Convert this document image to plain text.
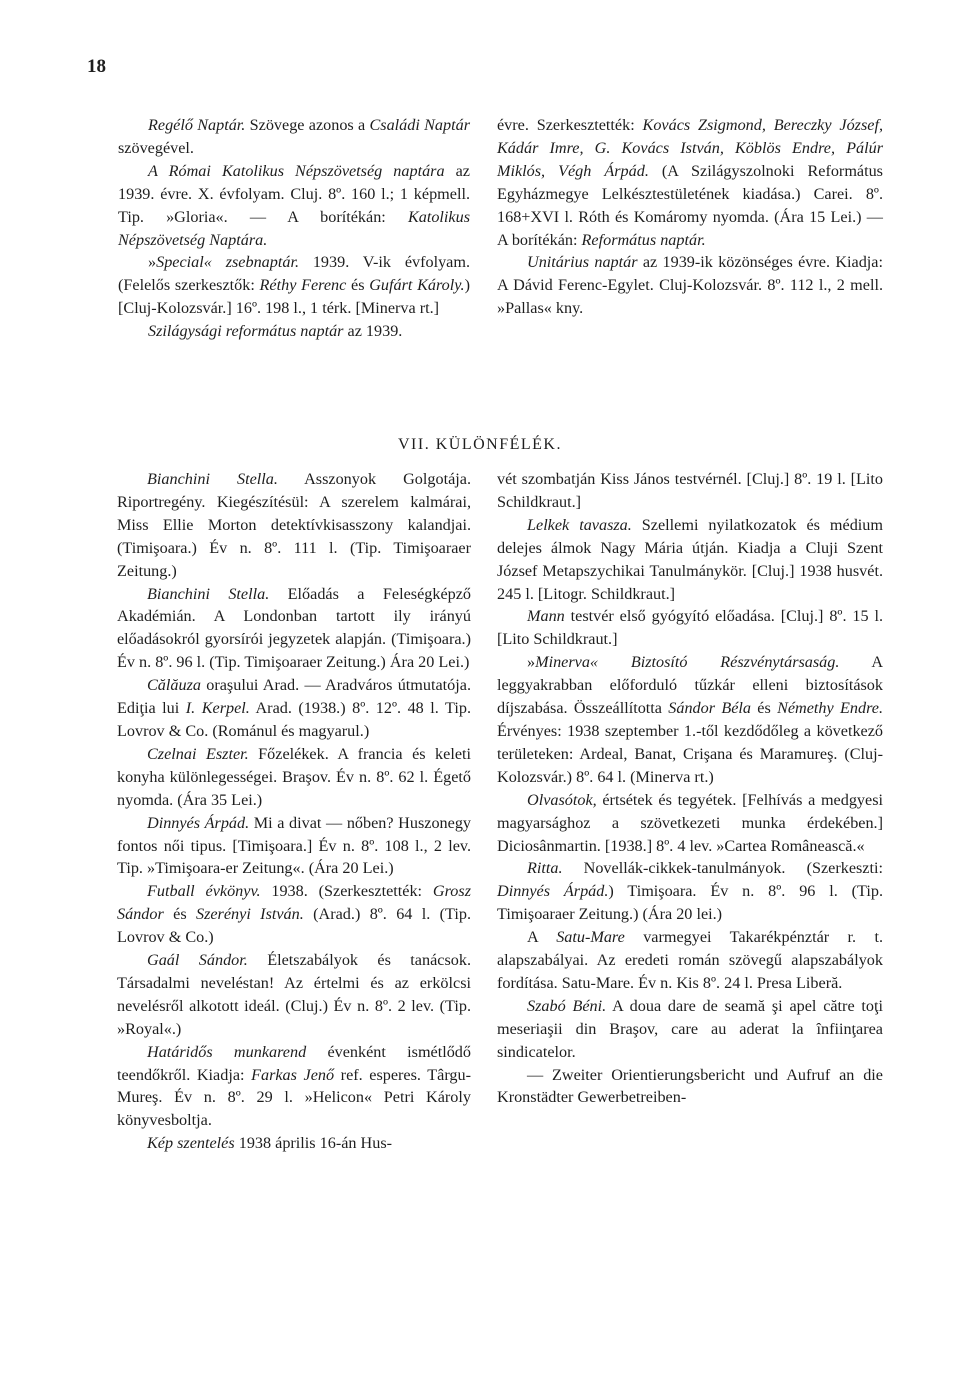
18

Regélő Naptár. Szövege azonos a Családi Naptár szövegével.

A Római Katolikus Népszövetség naptára az 1939. évre. X. évfolyam. Cluj. 8º. 160 l.; 1 képmell. Tip. »Gloria«. — A borítékán: Katolikus Népszövetség Naptára.

»Special« zsebnaptár. 1939. V-ik évfolyam. (Felelős szerkesztők: Réthy Ferenc és Gufárt Károly.) [Cluj-Kolozsvár.] 16º. 198 l., 1 térk. [Minerva rt.]

Szilágysági református naptár az 1939.

évre. Szerkesztették: Kovács Zsigmond, Bereczky József, Kádár Imre, G. Kovács István, Köblös Endre, Pálúr Miklós, Végh Árpád. (A Szilágyszolnoki Református Egyházmegye Lelkésztestületének kiadása.) Carei. 8º. 168+XVI l. Róth és Komáromy nyomda. (Ára 15 Lei.) — A borítékán: Református naptár.

Unitárius naptár az 1939-ik közönséges évre. Kiadja: A Dávid Ferenc-Egylet. Cluj-Kolozsvár. 8º. 112 l., 2 mell. »Pallas« kny.

VII. KÜLÖNFÉLÉK.

Bianchini Stella. Asszonyok Golgotája. Riportregény. Kiegészítésül: A szerelem kalmárai, Miss Ellie Morton detektívkisasszony kalandjai. (Timişoara.) Év n. 8º. 111 l. (Tip. Timişoaraer Zeitung.)

Bianchini Stella. Előadás a Feleségképző Akadémián. A Londonban tartott ily irányú előadásokról gyorsírói jegyzetek alapján. (Timişoara.) Év n. 8º. 96 l. (Tip. Timişoaraer Zeitung.) Ára 20 Lei.)

Călăuza oraşului Arad. — Aradváros útmutatója. Ediţia lui I. Kerpel. Arad. (1938.) 8º. 12º. 48 l. Tip. Lovrov & Co. (Románul és magyarul.)

Czelnai Eszter. Főzelékek. A francia és keleti konyha különlegességei. Braşov. Év n. 8º. 62 l. Égető nyomda. (Ára 35 Lei.)

Dinnyés Árpád. Mi a divat — nőben? Huszonegy fontos női tipus. [Timişoara.] Év n. 8º. 108 l., 2 lev. Tip. »Timişoara-er Zeitung«. (Ára 20 Lei.)

Futball évkönyv. 1938. (Szerkesztették: Grosz Sándor és Szerényi István. (Arad.) 8º. 64 l. (Tip. Lovrov & Co.)

Gaál Sándor. Életszabályok és tanácsok. Társadalmi neveléstan! Az értelmi és az erkölcsi nevelésről alkotott ideál. (Cluj.) Év n. 8º. 2 lev. (Tip. »Royal«.)

Határidős munkarend évenként ismétlődő teendőkről. Kiadja: Farkas Jenő ref. esperes. Târgu-Mureş. Év n. 8º. 29 l. »Helicon« Petri Károly könyvesboltja.

Kép szentelés 1938 április 16-án Hus-

vét szombatján Kiss János testvérnél. [Cluj.] 8º. 19 l. [Lito Schildkraut.]

Lelkek tavasza. Szellemi nyilatkozatok és médium delejes álmok Nagy Mária útján. Kiadja a Cluji Szent József Metapszychikai Tanulmánykör. [Cluj.] 1938 husvét. 245 l. [Litogr. Schildkraut.]

Mann testvér első gyógyító előadása. [Cluj.] 8º. 15 l. [Lito Schildkraut.]

»Minerva« Biztosító Részvénytársaság. A leggyakrabban előforduló tűzkár elleni biztosítások díjszabása. Összeállította Sándor Béla és Némethy Endre. Érvényes: 1938 szeptember 1.-től kezdődőleg a következő területeken: Ardeal, Banat, Crişana és Maramureş. (Cluj-Kolozsvár.) 8º. 64 l. (Minerva rt.)

Olvasótok, értsétek és tegyétek. [Felhívás a medgyesi magyarsághoz a szövetkezeti munka érdekében.] Diciosânmartin. [1938.] 8º. 4 lev. »Cartea Românească.«

Ritta. Novellák-cikkek-tanulmányok. (Szerkeszti: Dinnyés Árpád.) Timişoara. Év n. 8º. 96 l. (Tip. Timişoaraer Zeitung.) (Ára 20 lei.)

A Satu-Mare varmegyei Takarékpénztár r. t. alapszabályai. Az eredeti román szövegű alapszabályok fordítása. Satu-Mare. Év n. Kis 8º. 24 l. Presa Liberă.

Szabó Béni. A doua dare de seamă şi apel către toţi meseriaşii din Braşov, care au aderat la înfiinţarea sindicatelor.

— Zweiter Orientierungsbericht und Aufruf an die Kronstädter Gewerbetreiben-
